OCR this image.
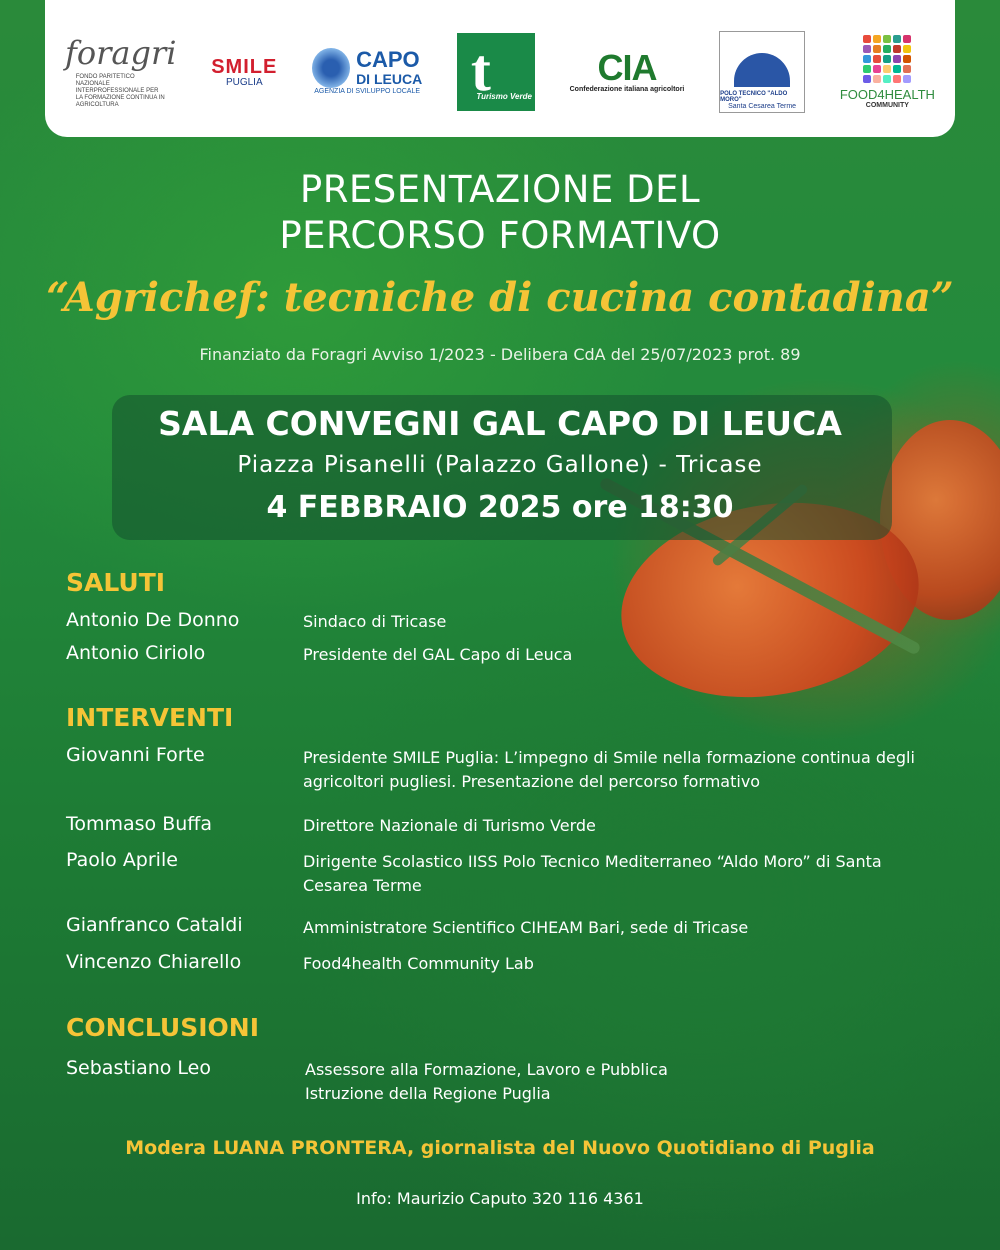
foragri
FONDO PARITETICO NAZIONALE INTERPROFESSIONALE PER LA FORMAZIONE CONTINUA IN AGRICOLTURA
SMILE
PUGLIA
CAPO
DI LEUCA
AGENZIA DI SVILUPPO LOCALE t
Turismo Verde
CIA
Confederazione italiana agricoltori
POLO TECNICO "ALDO MORO"
Santa Cesarea Terme
FOOD4HEALTH
COMMUNITY
PRESENTAZIONE DEL
PERCORSO FORMATIVO
“Agrichef: tecniche di cucina contadina”
Finanziato da Foragri Avviso 1/2023 - Delibera CdA del 25/07/2023 prot. 89
SALA CONVEGNI GAL CAPO DI LEUCA
Piazza Pisanelli (Palazzo Gallone) - Tricase
4 FEBBRAIO 2025 ore 18:30
SALUTI
Antonio De Donno	Sindaco di Tricase
Antonio Ciriolo	Presidente del GAL Capo di Leuca
INTERVENTI
Giovanni Forte	Presidente SMILE Puglia: L’impegno di Smile nella formazione continua degli agricoltori pugliesi. Presentazione del percorso formativo
Tommaso Buffa	Direttore Nazionale di Turismo Verde
Paolo Aprile	Dirigente Scolastico IISS Polo Tecnico Mediterraneo “Aldo Moro” di Santa Cesarea Terme
Gianfranco Cataldi	Amministratore Scientifico CIHEAM Bari, sede di Tricase
Vincenzo Chiarello	Food4health Community Lab
CONCLUSIONI
Sebastiano Leo	Assessore alla Formazione, Lavoro e Pubblica Istruzione della Regione Puglia
Modera LUANA PRONTERA, giornalista del Nuovo Quotidiano di Puglia
Info: Maurizio Caputo 320 116 4361
